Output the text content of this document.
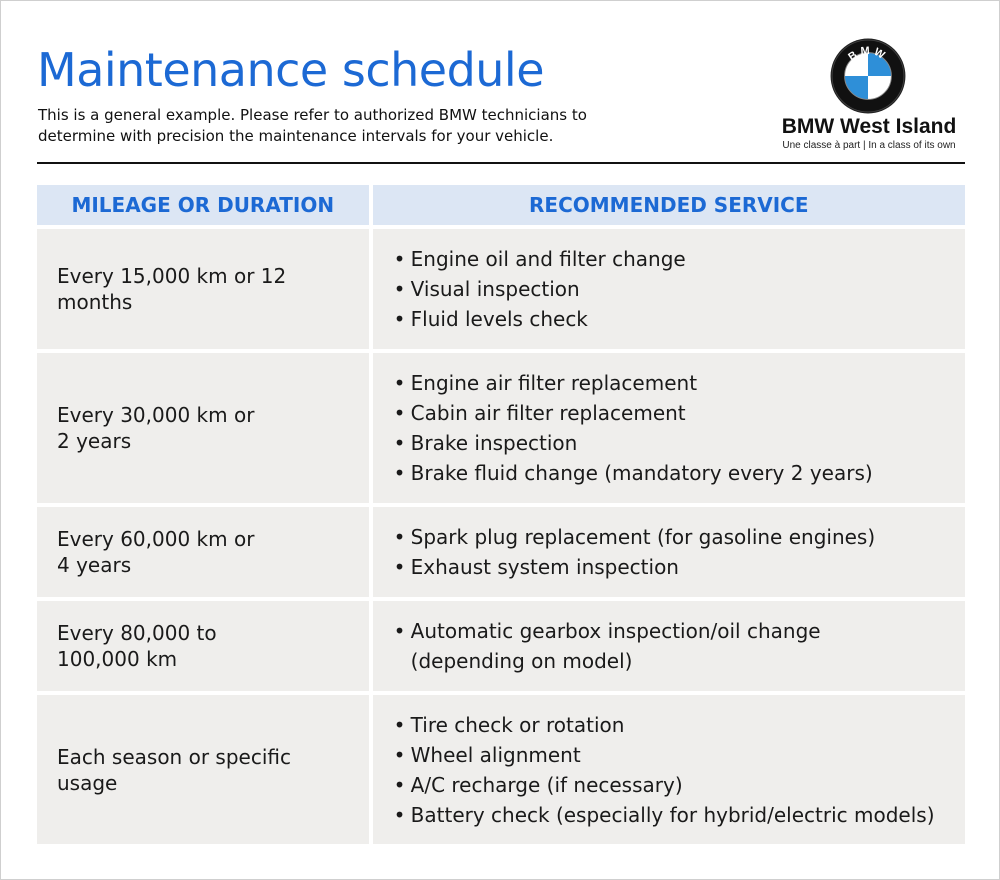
Maintenance schedule

This is a general example. Please refer to authorized BMW technicians to determine with precision the maintenance intervals for your vehicle.

BMW
BMW West Island
Une classe à part | In a class of its own
MILEAGE OR DURATION	RECOMMENDED SERVICE
Every 15,000 km or 12 months
• Engine oil and filter change
• Visual inspection
• Fluid levels check
Every 30,000 km or 2 years
• Engine air filter replacement
• Cabin air filter replacement
• Brake inspection
• Brake fluid change (mandatory every 2 years)
Every 60,000 km or 4 years
• Spark plug replacement (for gasoline engines)
• Exhaust system inspection
Every 80,000 to 100,000 km
• Automatic gearbox inspection/oil change (depending on model)
Each season or specific usage
• Tire check or rotation
• Wheel alignment
• A/C recharge (if necessary)
• Battery check (especially for hybrid/electric models)
